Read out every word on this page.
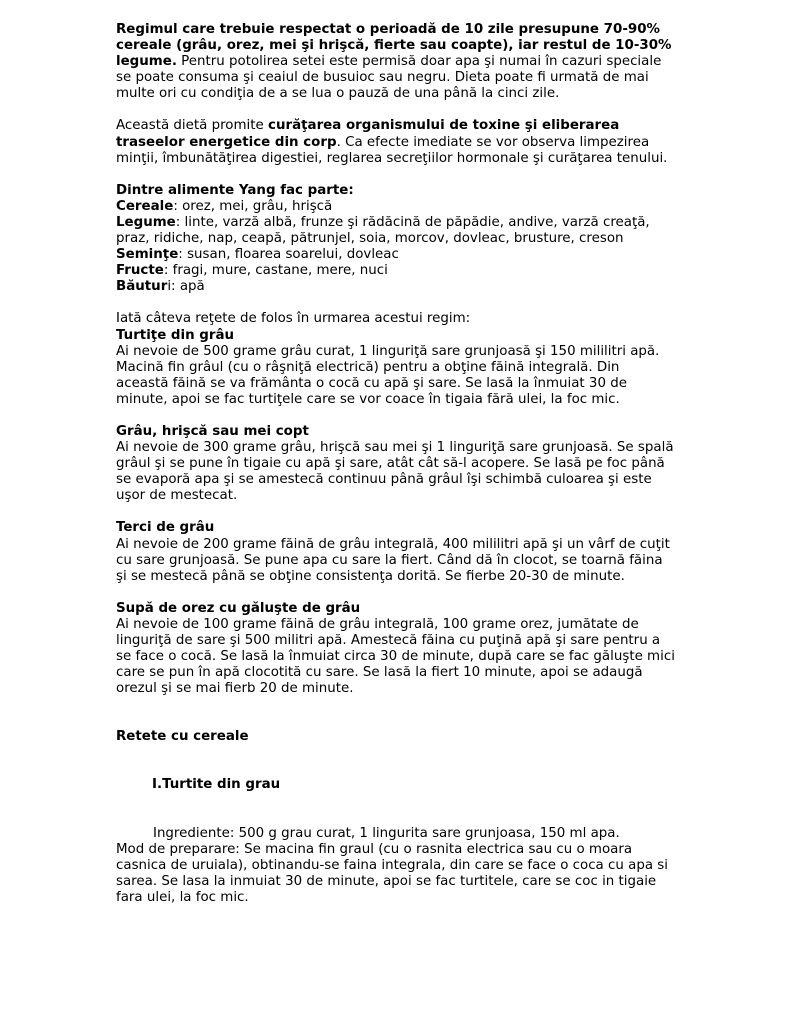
Regimul care trebuie respectat o perioadă de 10 zile presupune 70-90% cereale (grâu, orez, mei şi hrişcă, fierte sau coapte), iar restul de 10-30% legume. Pentru potolirea setei este permisă doar apa şi numai în cazuri speciale se poate consuma şi ceaiul de busuioc sau negru. Dieta poate fi urmată de mai multe ori cu condiţia de a se lua o pauză de una până la cinci zile.

Această dietă promite curăţarea organismului de toxine şi eliberarea traseelor energetice din corp. Ca efecte imediate se vor observa limpezirea minţii, îmbunătăţirea digestiei, reglarea secreţiilor hormonale şi curăţarea tenului.

Dintre alimente Yang fac parte:

Cereale: orez, mei, grâu, hrişcă

Legume: linte, varză albă, frunze şi rădăcină de păpădie, andive, varză creaţă, praz, ridiche, nap, ceapă, pătrunjel, soia, morcov, dovleac, brusture, creson

Seminţe: susan, floarea soarelui, dovleac

Fructe: fragi, mure, castane, mere, nuci

Băuturi: apă

Iată câteva reţete de folos în urmarea acestui regim:

Turtiţe din grâu

Ai nevoie de 500 grame grâu curat, 1 linguriţă sare grunjoasă şi 150 mililitri apă. Macină fin grâul (cu o râşniţă electrică) pentru a obţine făină integrală. Din această făină se va frământa o cocă cu apă şi sare. Se lasă la înmuiat 30 de minute, apoi se fac turtiţele care se vor coace în tigaia fără ulei, la foc mic.

Grâu, hrişcă sau mei copt

Ai nevoie de 300 grame grâu, hrişcă sau mei şi 1 linguriţă sare grunjoasă. Se spală grâul şi se pune în tigaie cu apă şi sare, atât cât să-l acopere. Se lasă pe foc până se evaporă apa şi se amestecă continuu până grâul îşi schimbă culoarea şi este uşor de mestecat.

Terci de grâu

Ai nevoie de 200 grame făină de grâu integrală, 400 mililitri apă şi un vârf de cuţit cu sare grunjoasă. Se pune apa cu sare la fiert. Când dă în clocot, se toarnă făina şi se mestecă până se obţine consistenţa dorită. Se fierbe 20-30 de minute.

Supă de orez cu găluşte de grâu

Ai nevoie de 100 grame făină de grâu integrală, 100 grame orez, jumătate de linguriţă de sare şi 500 militri apă. Amestecă făina cu puţină apă şi sare pentru a se face o cocă. Se lasă la înmuiat circa 30 de minute, după care se fac găluşte mici care se pun în apă clocotită cu sare. Se lasă la fiert 10 minute, apoi se adaugă orezul şi se mai fierb 20 de minute.

Retete cu cereale

I.Turtite din grau

Ingrediente: 500 g grau curat, 1 lingurita sare grunjoasa, 150 ml apa.

Mod de preparare: Se macina fin graul (cu o rasnita electrica sau cu o moara casnica de uruiala), obtinandu-se faina integrala, din care se face o coca cu apa si sarea. Se lasa la inmuiat 30 de minute, apoi se fac turtitele, care se coc in tigaie fara ulei, la foc mic.
